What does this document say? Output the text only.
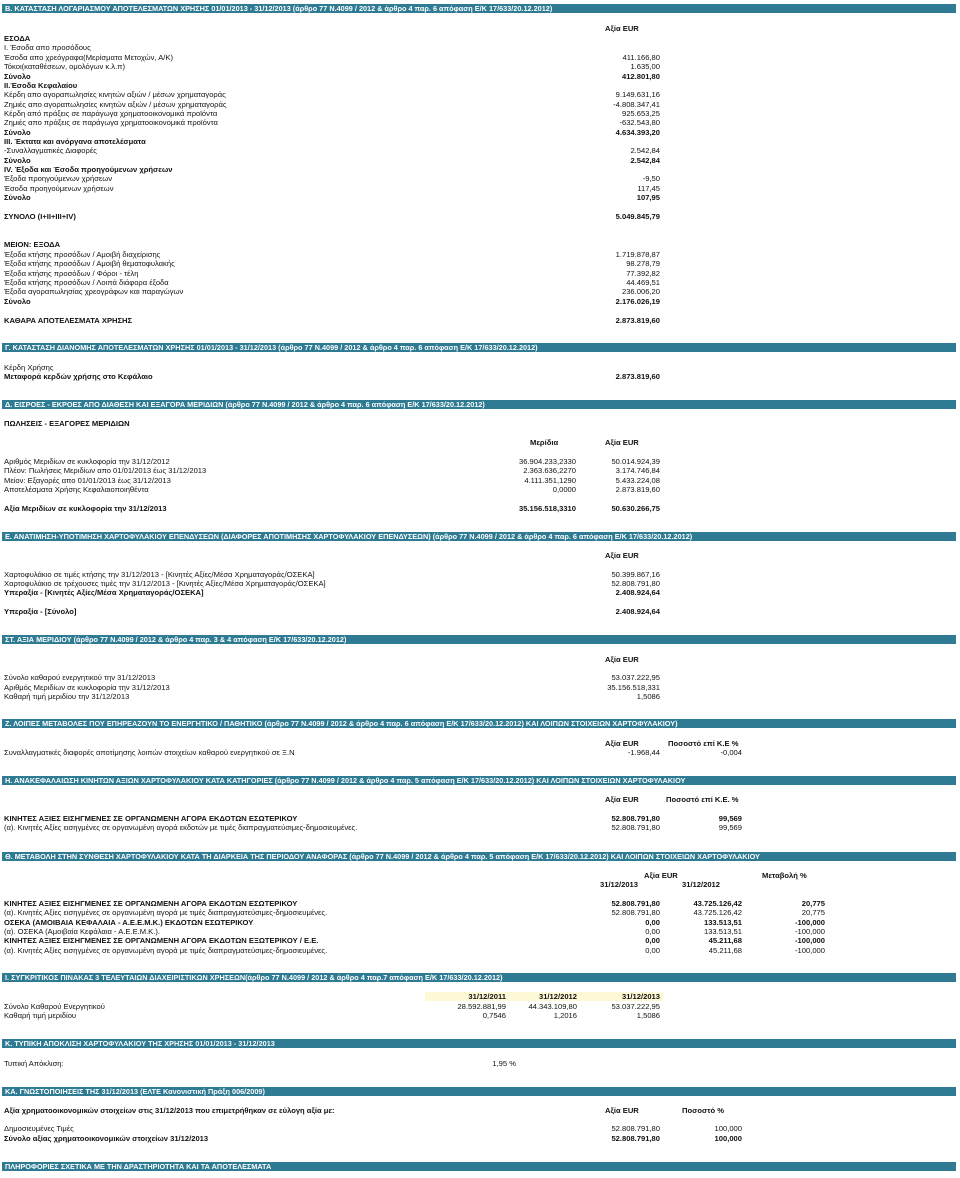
Β. ΚΑΤΑΣΤΑΣΗ ΛΟΓΑΡΙΑΣΜΟΥ ΑΠΟΤΕΛΕΣΜΑΤΩΝ ΧΡΗΣΗΣ 01/01/2013 - 31/12/2013 (άρθρο 77 Ν.4099 / 2012 & άρθρο 4 παρ. 6 απόφαση Ε/Κ 17/633/20.12.2012)
Αξία EUR
ΕΣΟΔΑ
Ι. Έσοδα απο προσόδους
Έσοδα απο χρεόγραφα(Μερίσματα Μετοχών, Α/Κ)	411.166,80
Τόκοι(καταθέσεων, ομολόγων κ.λ.π)	1.635,00
Σύνολο	412.801,80
ΙΙ.Έσοδα Κεφαλαίου
Κέρδη απο αγοραπωλησίες κινητών αξιών / μέσων χρηματαγοράς	9.149.631,16
Ζημιές απο αγοραπωλησίες κινητών αξιών / μέσων χρηματαγοράς	-4.808.347,41
Κέρδη από πράξεις σε παράγωγα χρηματοοικονομικά προϊόντα	925.653,25
Ζημιές απο πράξεις σε παράγωγα χρηματοοικονομικά προϊόντα	-632.543,80
Σύνολο	4.634.393,20
ΙΙΙ. Έκτατα και ανόργανα αποτελέσματα
-Συναλλαγματικές Διαφορές	2.542,84
Σύνολο	2.542,84
ΙV. Έξοδα και Έσοδα προηγούμενων χρήσεων
Έξοδα προηγούμενων χρήσεων	-9,50
Έσοδα προηγούμενων χρήσεων	117,45
Σύνολο	107,95
ΣΥΝΟΛΟ (Ι+ΙΙ+ΙΙΙ+ΙV)	5.049.845,79
ΜΕΙΟΝ: ΕΞΟΔΑ
Έξοδα κτήσης προσόδων / Αμοιβή διαχείρισης	1.719.878,87
Έξοδα κτήσης προσόδων / Αμοιβή θεματοφυλακής	98.278,79
Έξοδα κτήσης προσόδων / Φόροι - τέλη	77.392,82
Έξοδα κτήσης προσόδων / Λοιπά διάφορα έξοδα	44.469,51
Έξοδα αγοραπωλησίας χρεογράφων και παραγώγων	236.006,20
Σύνολο	2.176.026,19
ΚΑΘΑΡΑ ΑΠΟΤΕΛΕΣΜΑΤΑ ΧΡΗΣΗΣ	2.873.819,60
Γ. ΚΑΤΑΣΤΑΣΗ ΔΙΑΝΟΜΗΣ ΑΠΟΤΕΛΕΣΜΑΤΩΝ ΧΡΗΣΗΣ 01/01/2013 - 31/12/2013 (άρθρο 77 Ν.4099 / 2012 & άρθρο 4 παρ. 6 απόφαση Ε/Κ 17/633/20.12.2012)
Κέρδη Χρήσης
Μεταφορά κερδών χρήσης στο Κεφάλαιο	2.873.819,60
Δ. ΕΙΣΡΟΕΣ - ΕΚΡΟΕΣ ΑΠΟ ΔΙΑΘΕΣΗ ΚΑΙ ΕΞΑΓΟΡΑ ΜΕΡΙΔΙΩΝ (άρθρο 77 Ν.4099 / 2012 & άρθρο 4 παρ. 6 απόφαση Ε/Κ 17/633/20.12.2012)
ΠΩΛΗΣΕΙΣ - ΕΞΑΓΟΡΕΣ ΜΕΡΙΔΙΩΝ
Μερίδια	Αξία EUR
Αριθμός Μεριδίων σε κυκλοφορία την 31/12/2012	36.904.233,2330	50.014.924,39
Πλέον: Πωλήσεις Μεριδίων απο 01/01/2013 έως 31/12/2013	2.363.636,2270	3.174.746,84
Μείον: Εξαγορές απο 01/01/2013 έως 31/12/2013	4.111.351,1290	5.433.224,08
Αποτελέσματα Χρήσης Κεφαλαιοποιηθέντα	0,0000	2.873.819,60
Αξία Μεριδίων σε κυκλοφορία την 31/12/2013	35.156.518,3310	50.630.266,75
Ε. ΑΝΑΤΙΜΗΣΗ-ΥΠΟΤΙΜΗΣΗ ΧΑΡΤΟΦΥΛΑΚΙΟΥ ΕΠΕΝΔΥΣΕΩΝ (ΔΙΑΦΟΡΕΣ ΑΠΟΤΙΜΗΣΗΣ ΧΑΡΤΟΦΥΛΑΚΙΟΥ ΕΠΕΝΔΥΣΕΩΝ) (άρθρο 77 Ν.4099 / 2012 & άρθρο 4 παρ. 6 απόφαση Ε/Κ 17/633/20.12.2012)
Αξία EUR
Χαρτοφυλάκιο σε τιμές κτήσης την 31/12/2013 - [Κινητές Αξίες/Μέσα Χρηματαγοράς/ΟΣΕΚΑ]	50.399.867,16
Χαρτοφυλάκιο σε τρέχουσες τιμές την 31/12/2013 - [Κινητές Αξίες/Μέσα Χρηματαγοράς/ΟΣΕΚΑ]	52.808.791,80
Υπεραξία - [Κινητές Αξίες/Μέσα Χρηματαγοράς/ΟΣΕΚΑ]	2.408.924,64
Υπεραξία - [Σύνολο]	2.408.924,64
ΣΤ. ΑΞΙΑ ΜΕΡΙΔΙΟΥ (άρθρο 77 Ν.4099 / 2012 & άρθρο 4 παρ. 3 & 4 απόφαση Ε/Κ 17/633/20.12.2012)
Αξία EUR
Σύνολο καθαρού ενεργητικού την 31/12/2013	53.037.222,95
Αριθμός Μεριδίων σε κυκλοφορία την 31/12/2013	35.156.518,331
Καθαρή τιμή μεριδίου την 31/12/2013	1,5086
Ζ. ΛΟΙΠΕΣ ΜΕΤΑΒΟΛΕΣ ΠΟΥ ΕΠΗΡΕΑΖΟΥΝ ΤΟ ΕΝΕΡΓΗΤΙΚΟ / ΠΑΘΗΤΙΚΟ (άρθρο 77 Ν.4099 / 2012 & άρθρο 4 παρ. 6 απόφαση Ε/Κ 17/633/20.12.2012) ΚΑΙ ΛΟΙΠΩΝ ΣΤΟΙΧΕΙΩΝ ΧΑΡΤΟΦΥΛΑΚΙΟΥ)
Αξία EUR	Ποσοστό επί Κ.Ε %
Συναλλαγματικές διαφορές αποτίμησης λοιπών στοιχείων καθαρού ενεργητικού σε Ξ.Ν	-1.968,44	-0,004
Η. ΑΝΑΚΕΦΑΛΑΙΩΣΗ ΚΙΝΗΤΩΝ ΑΞΙΩΝ ΧΑΡΤΟΦΥΛΑΚΙΟΥ ΚΑΤΑ ΚΑΤΗΓΟΡΙΕΣ (άρθρο 77 Ν.4099 / 2012 & άρθρο 4 παρ. 5 απόφαση Ε/Κ 17/633/20.12.2012) ΚΑΙ ΛΟΙΠΩΝ ΣΤΟΙΧΕΙΩΝ ΧΑΡΤΟΦΥΛΑΚΙΟΥ
Αξία EUR	Ποσοστό επί Κ.Ε. %
ΚΙΝΗΤΕΣ ΑΞΙΕΣ ΕΙΣΗΓΜΕΝΕΣ ΣΕ ΟΡΓΑΝΩΜΕΝΗ ΑΓΟΡΑ ΕΚΔΟΤΩΝ ΕΣΩΤΕΡΙΚΟΥ	52.808.791,80	99,569
(α). Κινητές Αξίες εισηγμένες σε οργανωμένη αγορά εκδοτών με τιμές διαπραγματεύσιμες-δημοσιευμένες.	52.808.791,80	99,569
Θ. ΜΕΤΑΒΟΛΗ ΣΤΗΝ ΣΥΝΘΕΣΗ ΧΑΡΤΟΦΥΛΑΚΙΟΥ ΚΑΤΑ ΤΗ ΔΙΑΡΚΕΙΑ ΤΗΣ ΠΕΡΙΟΔΟΥ ΑΝΑΦΟΡΑΣ (άρθρο 77 Ν.4099 / 2012 & άρθρο 4 παρ. 5 απόφαση Ε/Κ 17/633/20.12.2012) ΚΑΙ ΛΟΙΠΩΝ ΣΤΟΙΧΕΙΩΝ ΧΑΡΤΟΦΥΛΑΚΙΟΥ
Αξία EUR	Μεταβολή %
31/12/2013	31/12/2012
ΚΙΝΗΤΕΣ ΑΞΙΕΣ ΕΙΣΗΓΜΕΝΕΣ ΣΕ ΟΡΓΑΝΩΜΕΝΗ ΑΓΟΡΑ ΕΚΔΟΤΩΝ ΕΣΩΤΕΡΙΚΟΥ	52.808.791,80	43.725.126,42	20,775
(α). Κινητές Αξίες εισηγμένες σε οργανωμένη αγορά με τιμές διαπραγματεύσιμες-δημοσιευμένες.	52.808.791,80	43.725.126,42	20,775
ΟΣΕΚΑ (ΑΜΟΙΒΑΙΑ ΚΕΦΑΛΑΙΑ - Α.Ε.Ε.Μ.Κ.) ΕΚΔΟΤΩΝ ΕΣΩΤΕΡΙΚΟΥ	0,00	133.513,51	-100,000
(α). ΟΣΕΚΑ (Αμοιβαία Κεφάλαια - Α.Ε.Ε.Μ.Κ.).	0,00	133.513,51	-100,000
ΚΙΝΗΤΕΣ ΑΞΙΕΣ ΕΙΣΗΓΜΕΝΕΣ ΣΕ ΟΡΓΑΝΩΜΕΝΗ ΑΓΟΡΑ ΕΚΔΟΤΩΝ ΕΞΩΤΕΡΙΚΟΥ / Ε.Ε.	0,00	45.211,68	-100,000
(α). Κινητές Αξίες εισηγμένες σε οργανωμένη αγορά με τιμές διαπραγματεύσιμες-δημοσιευμένες.	0,00	45.211,68	-100,000
Ι. ΣΥΓΚΡΙΤΙΚΟΣ ΠΙΝΑΚΑΣ 3 ΤΕΛΕΥΤΑΙΩΝ ΔΙΑΧΕΙΡΙΣΤΙΚΩΝ ΧΡΗΣΕΩΝ(άρθρο 77 Ν.4099 / 2012 & άρθρο 4 παρ.7 απόφαση Ε/Κ 17/633/20.12.2012)
31/12/2011	31/12/2012	31/12/2013
Σύνολο Καθαρού Ενεργητικού	28.592.881,99	44.343.109,80	53.037.222,95
Καθαρή τιμή μεριδίου	0,7546	1,2016	1,5086
Κ. ΤΥΠΙΚΗ ΑΠΟΚΛΙΣΗ ΧΑΡΤΟΦΥΛΑΚΙΟΥ ΤΗΣ ΧΡΗΣΗΣ 01/01/2013 - 31/12/2013
Τυπική Απόκλιση:	1,95 %
ΚΑ. ΓΝΩΣΤΟΠΟΙΗΣΕΙΣ ΤΗΣ 31/12/2013 (ΕΛΤΕ Κανονιστική Πράξη 006/2009)
Αξία χρηματοοικονομικών στοιχείων στις 31/12/2013 που επιμετρήθηκαν σε εύλογη αξία με:	Αξία EUR	Ποσοστό %
Δημοσιευμένες Τιμές	52.808.791,80	100,000
Σύνολο αξίας χρηματοοικονομικών στοιχείων 31/12/2013	52.808.791,80	100,000
ΠΛΗΡΟΦΟΡΙΕΣ ΣΧΕΤΙΚΑ ΜΕ ΤΗΝ ΔΡΑΣΤΗΡΙΟΤΗΤΑ ΚΑΙ ΤΑ ΑΠΟΤΕΛΕΣΜΑΤΑ
